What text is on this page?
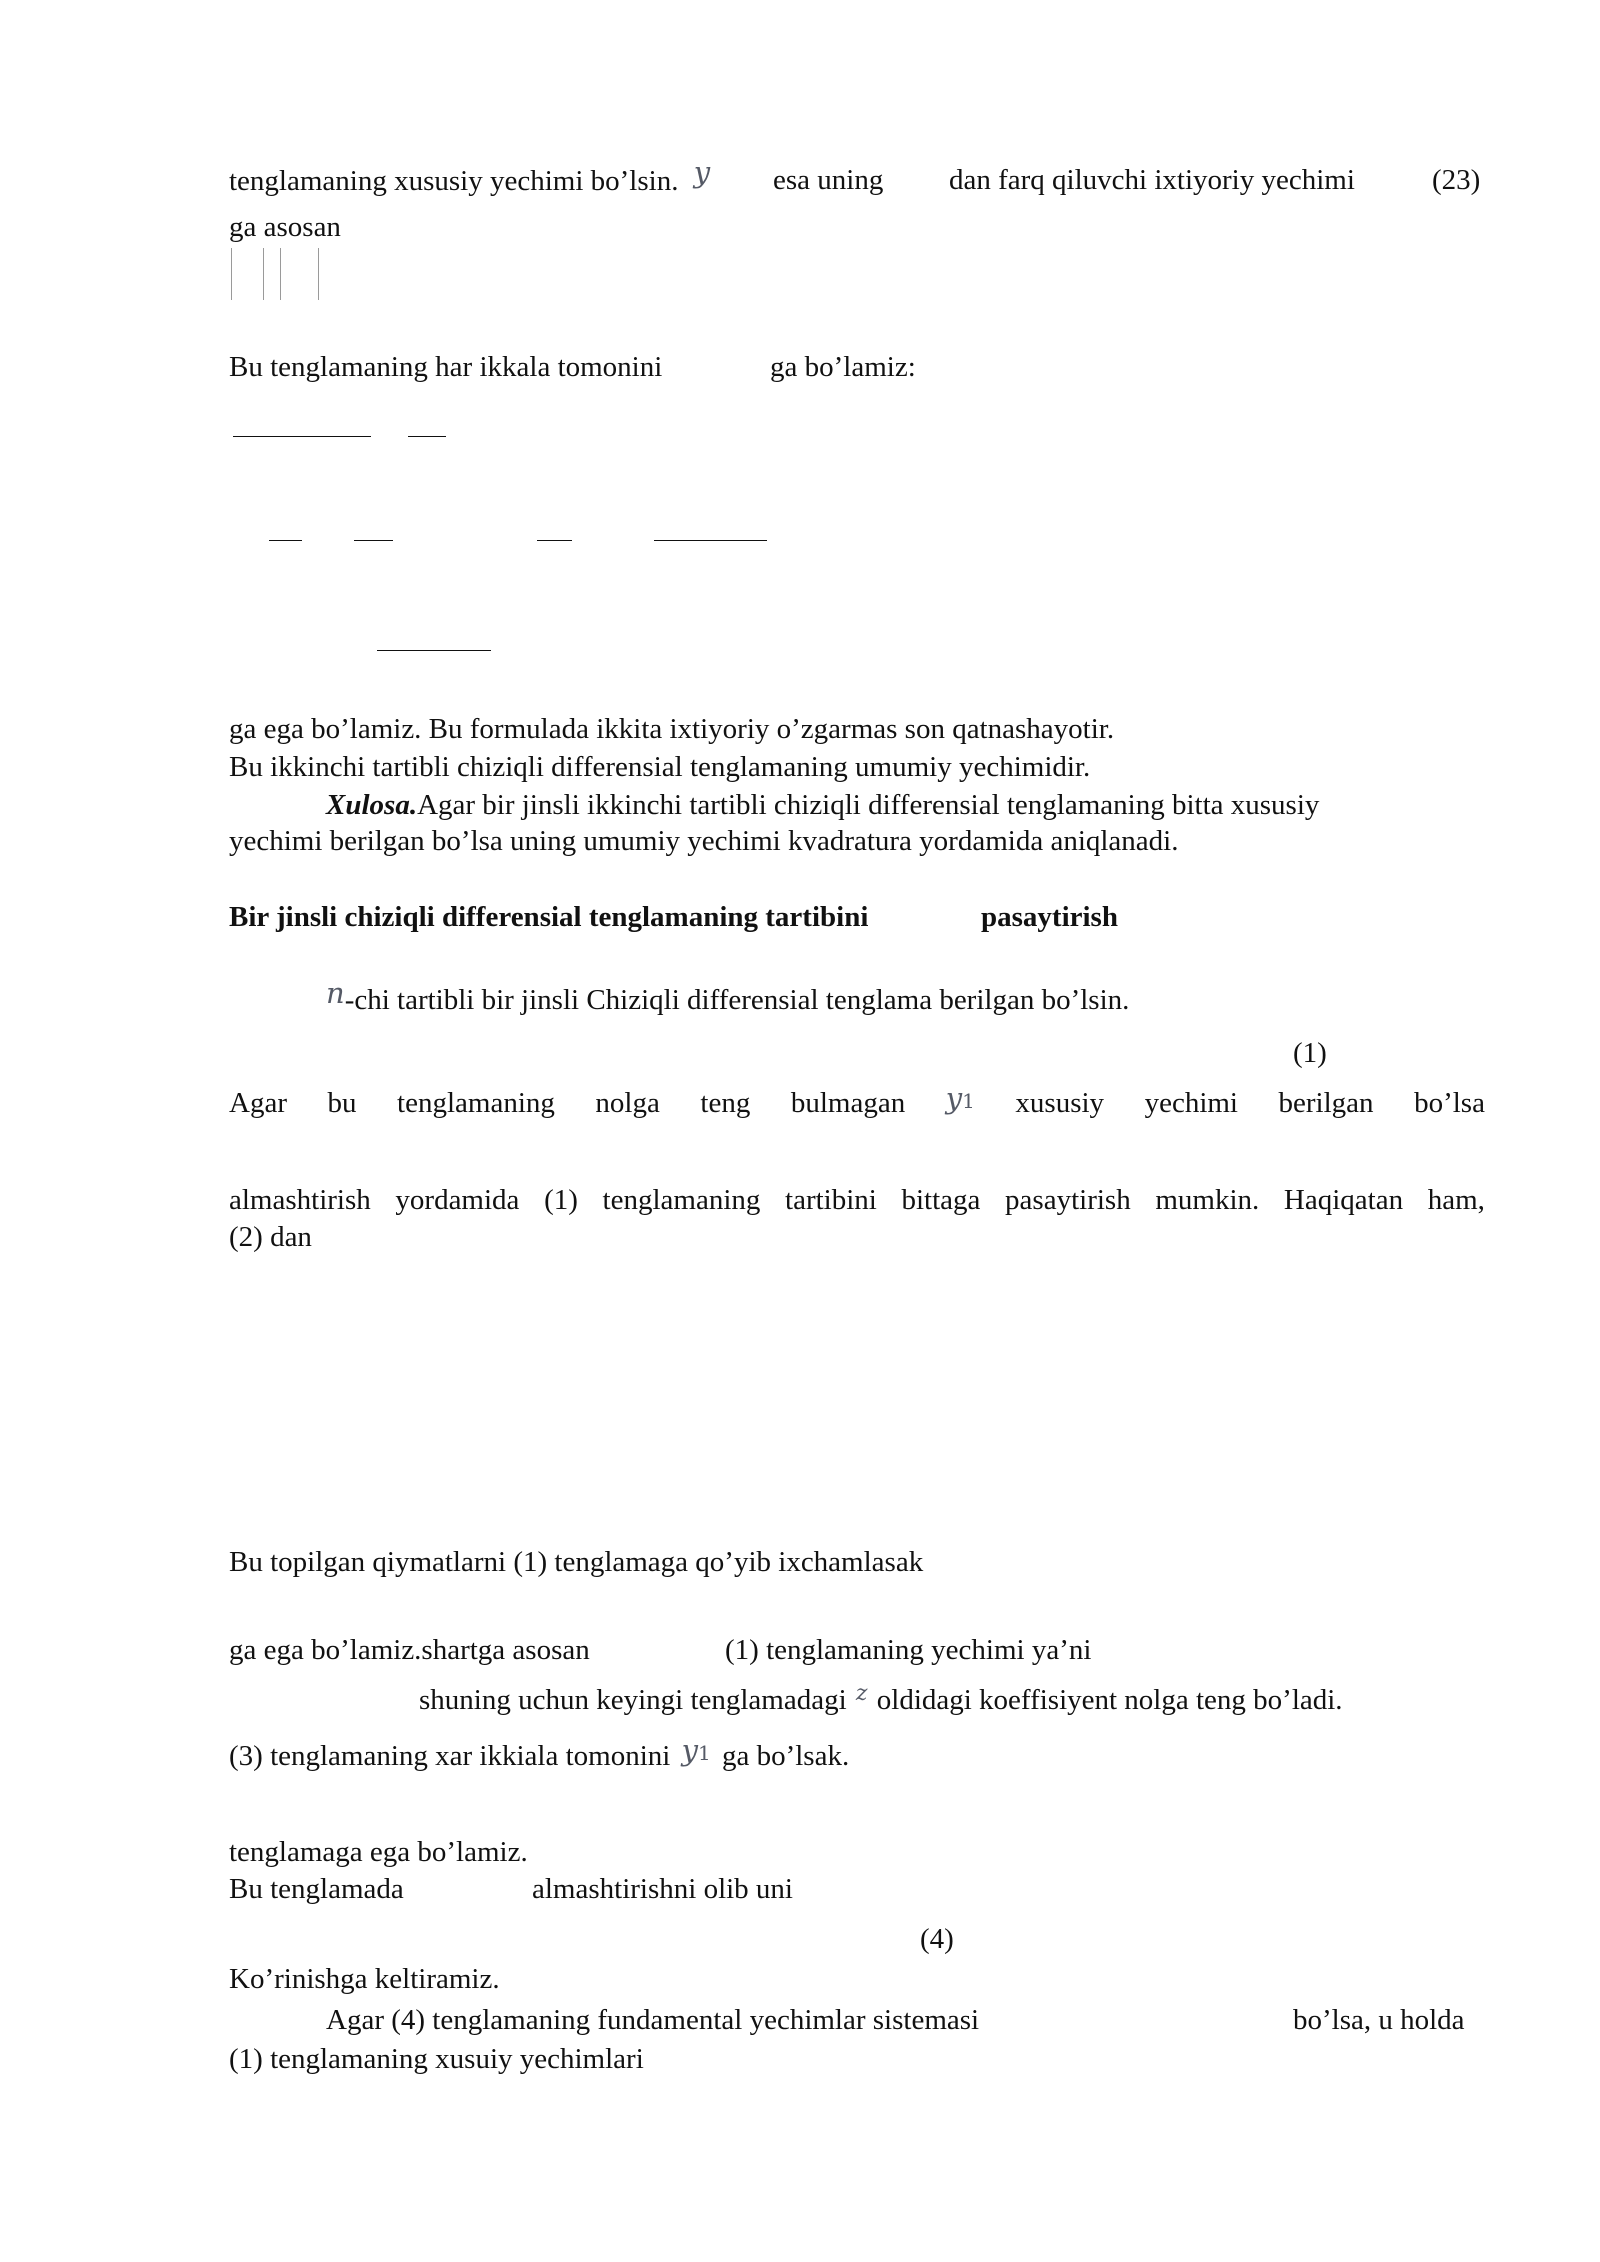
tenglamaning xususiy yechimi bo’lsin. y esa uning dan farq qiluvchi ixtiyoriy yechimi	(23)
ga asosan
Bu tenglamaning har ikkala tomonini	ga bo’lamiz:
ga ega bo’lamiz. Bu formulada ikkita ixtiyoriy o’zgarmas son qatnashayotir.
Bu ikkinchi tartibli chiziqli differensial tenglamaning umumiy yechimidir.
Xulosa.Agar bir jinsli ikkinchi tartibli chiziqli differensial tenglamaning bitta xususiy
yechimi berilgan bo’lsa uning umumiy yechimi kvadratura yordamida aniqlanadi.
Bir jinsli chiziqli differensial tenglamaning tartibini	pasaytirish
n-chi tartibli bir jinsli Chiziqli differensial tenglama berilgan bo’lsin.
(1)
Agar bu tenglamaning nolga teng bulmagan y1 xususiy yechimi berilgan bo’lsa
almashtirish yordamida (1) tenglamaning tartibini bittaga pasaytirish mumkin. Haqiqatan ham,
(2) dan
Bu topilgan qiymatlarni (1) tenglamaga qo’yib ixchamlasak
ga ega bo’lamiz.shartga asosan	(1) tenglamaning yechimi ya’ni
shuning uchun keyingi tenglamadagi $^z$ oldidagi koeffisiyent nolga teng bo’ladi.
(3) tenglamaning xar ikkiala tomonini y1 ga bo’lsak.
tenglamaga ega bo’lamiz.
Bu tenglamada	almashtirishni olib uni
(4)
Ko’rinishga keltiramiz.
Agar (4) tenglamaning fundamental yechimlar sistemasi	bo’lsa, u holda
(1) tenglamaning xusuiy yechimlari
